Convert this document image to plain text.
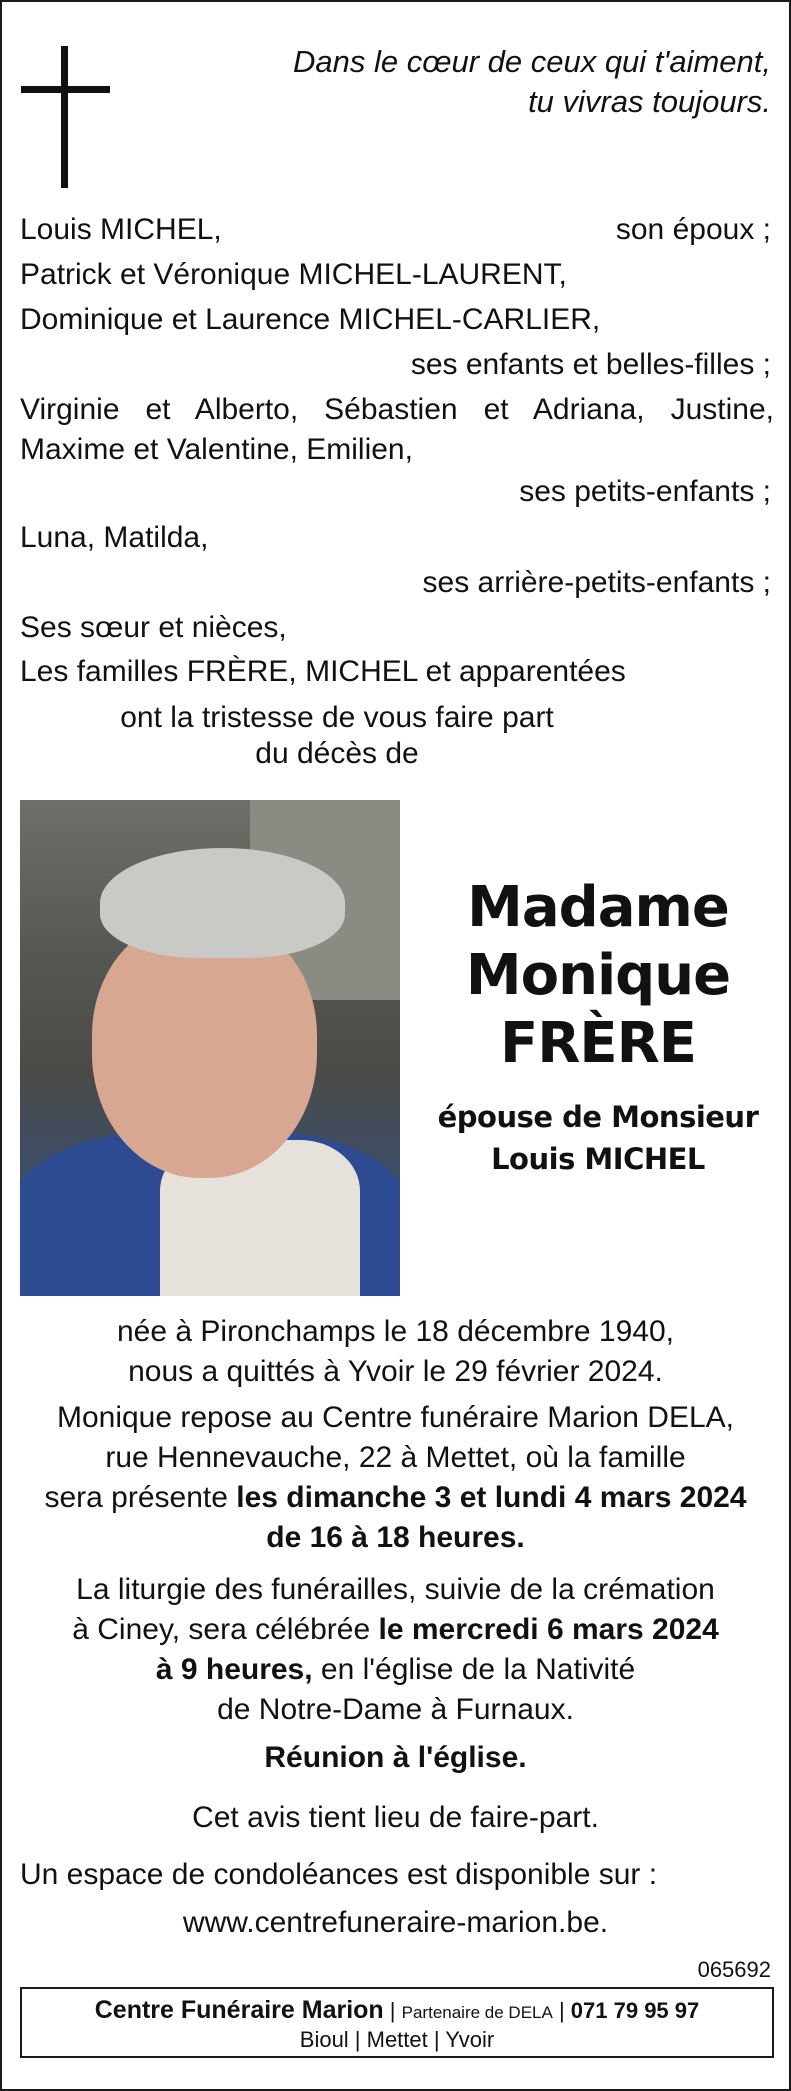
Dans le cœur de ceux qui t'aiment,
tu vivras toujours.
Louis MICHEL,	son époux ;
Patrick et Véronique MICHEL-LAURENT,
Dominique et Laurence MICHEL-CARLIER,
ses enfants et belles-filles ;
Virginie et Alberto, Sébastien et Adriana, Justine, Maxime et Valentine, Emilien,
ses petits-enfants ;
Luna, Matilda,
ses arrière-petits-enfants ;
Ses sœur et nièces,
Les familles FRÈRE, MICHEL et apparentées
ont la tristesse de vous faire part
du décès de
Madame
Monique
FRÈRE
épouse de Monsieur
Louis MICHEL
née à Pironchamps le 18 décembre 1940,
nous a quittés à Yvoir le 29 février 2024.
Monique repose au Centre funéraire Marion DELA,
rue Hennevauche, 22 à Mettet, où la famille
sera présente les dimanche 3 et lundi 4 mars 2024
de 16 à 18 heures.
La liturgie des funérailles, suivie de la crémation
à Ciney, sera célébrée le mercredi 6 mars 2024
à 9 heures, en l'église de la Nativité
de Notre-Dame à Furnaux.
Réunion à l'église.
Cet avis tient lieu de faire-part.
Un espace de condoléances est disponible sur :
www.centrefuneraire-marion.be.
065692
Centre Funéraire Marion | Partenaire de DELA | 071 79 95 97
Bioul | Mettet | Yvoir
